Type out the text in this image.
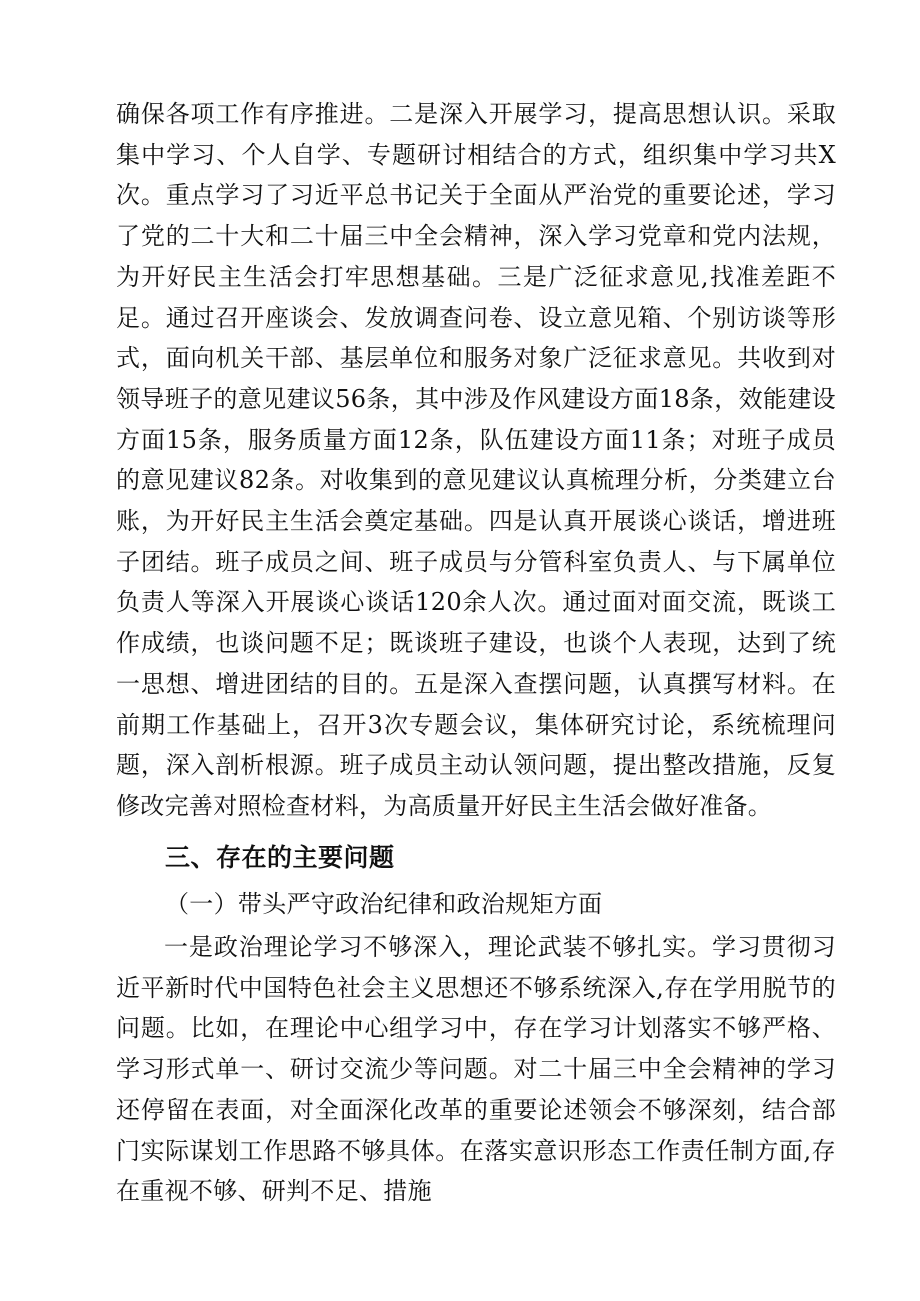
确保各项工作有序推进。二是深入开展学习，提高思想认识。采取集中学习、个人自学、专题研讨相结合的方式，组织集中学习共X次。重点学习了习近平总书记关于全面从严治党的重要论述，学习了党的二十大和二十届三中全会精神，深入学习党章和党内法规，为开好民主生活会打牢思想基础。三是广泛征求意见,找准差距不足。通过召开座谈会、发放调查问卷、设立意见箱、个别访谈等形式，面向机关干部、基层单位和服务对象广泛征求意见。共收到对领导班子的意见建议56条，其中涉及作风建设方面18条，效能建设方面15条，服务质量方面12条，队伍建设方面11条；对班子成员的意见建议82条。对收集到的意见建议认真梳理分析，分类建立台账，为开好民主生活会奠定基础。四是认真开展谈心谈话，增进班子团结。班子成员之间、班子成员与分管科室负责人、与下属单位负责人等深入开展谈心谈话120余人次。通过面对面交流，既谈工作成绩，也谈问题不足；既谈班子建设，也谈个人表现，达到了统一思想、增进团结的目的。五是深入查摆问题，认真撰写材料。在前期工作基础上，召开3次专题会议，集体研究讨论，系统梳理问题，深入剖析根源。班子成员主动认领问题，提出整改措施，反复修改完善对照检查材料，为高质量开好民主生活会做好准备。

三、存在的主要问题

（一）带头严守政治纪律和政治规矩方面

一是政治理论学习不够深入，理论武装不够扎实。学习贯彻习近平新时代中国特色社会主义思想还不够系统深入,存在学用脱节的问题。比如，在理论中心组学习中，存在学习计划落实不够严格、学习形式单一、研讨交流少等问题。对二十届三中全会精神的学习还停留在表面，对全面深化改革的重要论述领会不够深刻，结合部门实际谋划工作思路不够具体。在落实意识形态工作责任制方面,存在重视不够、研判不足、措施
